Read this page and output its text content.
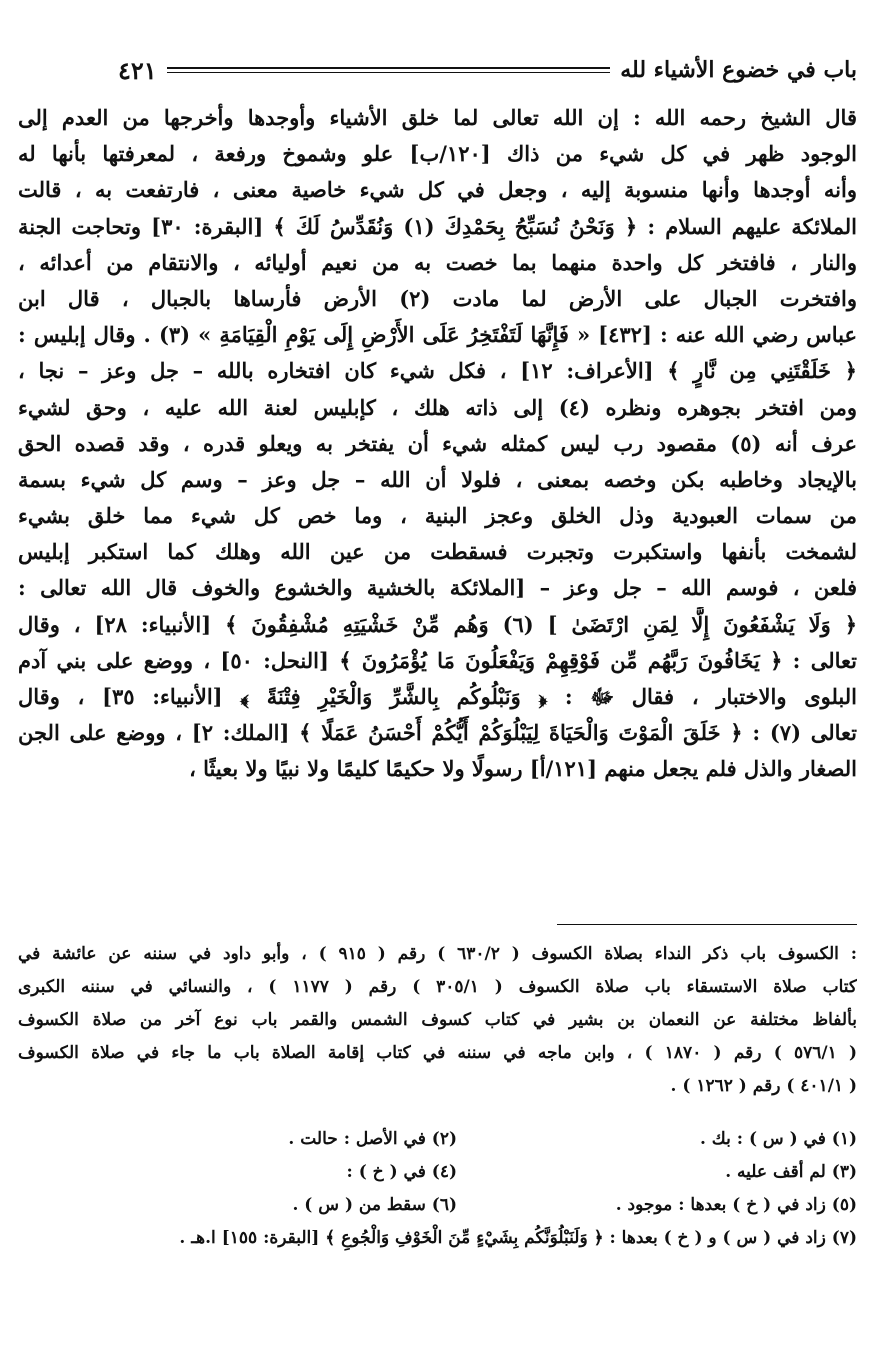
باب في خضوع الأشياء لله
٤٢١
قال الشيخ رحمه الله : إن الله تعالى لما خلق الأشياء وأوجدها وأخرجها من العدم إلى
الوجود ظهر في كل شيء من ذاك [١٢٠/ب] علو وشموخ ورفعة ، لمعرفتها بأنها له
وأنه أوجدها وأنها منسوبة إليه ، وجعل في كل شيء خاصية معنى ، فارتفعت به ، قالت
الملائكة عليهم السلام : ﴿ وَنَحْنُ نُسَبِّحُ بِحَمْدِكَ (١) وَنُقَدِّسُ لَكَ ﴾ [البقرة: ٣٠] وتحاجت الجنة
والنار ، فافتخر كل واحدة منهما بما خصت به من نعيم أوليائه ، والانتقام من أعدائه ،
وافتخرت الجبال على الأرض لما مادت (٢) الأرض فأرساها بالجبال ، قال ابن
عباس رضي الله عنه : [٤٣٢] « فَإِنَّهَا لَتَفْتَخِرُ عَلَى الأَرْضِ إِلَى يَوْمِ الْقِيَامَةِ » (٣) . وقال إبليس :
﴿ خَلَقْتَنِي مِن نَّارٍ ﴾ [الأعراف: ١٢] ، فكل شيء كان افتخاره بالله – جل وعز – نجا ،
ومن افتخر بجوهره ونظره (٤) إلى ذاته هلك ، كإبليس لعنة الله عليه ، وحق لشيء
عرف أنه (٥) مقصود رب ليس كمثله شيء أن يفتخر به ويعلو قدره ، وقد قصده الحق
بالإيجاد وخاطبه بكن وخصه بمعنى ، فلولا أن الله – جل وعز – وسم كل شيء بسمة
من سمات العبودية وذل الخلق وعجز البنية ، وما خص كل شيء مما خلق بشيء
لشمخت بأنفها واستكبرت وتجبرت فسقطت من عين الله وهلك كما استكبر إبليس
فلعن ، فوسم الله – جل وعز – [الملائكة بالخشية والخشوع والخوف قال الله تعالى :
﴿ وَلَا يَشْفَعُونَ إِلَّا لِمَنِ ارْتَضَىٰ ] (٦) وَهُم مِّنْ خَشْيَتِهِ مُشْفِقُونَ ﴾ [الأنبياء: ٢٨] ، وقال
تعالى : ﴿ يَخَافُونَ رَبَّهُم مِّن فَوْقِهِمْ وَيَفْعَلُونَ مَا يُؤْمَرُونَ ﴾ [النحل: ٥٠] ، ووضع على بني آدم
البلوى والاختبار ، فقال ﷻ : ﴿ وَنَبْلُوكُم بِالشَّرِّ وَالْخَيْرِ فِتْنَةً ﴾ [الأنبياء: ٣٥] ، وقال
تعالى (٧) : ﴿ خَلَقَ الْمَوْتَ وَالْحَيَاةَ لِيَبْلُوَكُمْ أَيُّكُمْ أَحْسَنُ عَمَلًا ﴾ [الملك: ٢] ، ووضع على الجن
الصغار والذل فلم يجعل منهم [١٢١/أ] رسولًا ولا حكيمًا كليمًا ولا نبيًا ولا بعيثًا ،
: الكسوف باب ذكر النداء بصلاة الكسوف ( ٦٣٠/٢ ) رقم ( ٩١٥ ) ، وأبو داود في سننه عن عائشة في
كتاب صلاة الاستسقاء باب صلاة الكسوف ( ٣٠٥/١ ) رقم ( ١١٧٧ ) ، والنسائي في سننه الكبرى
بألفاظ مختلفة عن النعمان بن بشير في كتاب كسوف الشمس والقمر باب نوع آخر من صلاة الكسوف
( ٥٧٦/١ ) رقم ( ١٨٧٠ ) ، وابن ماجه في سننه في كتاب إقامة الصلاة باب ما جاء في صلاة الكسوف
( ٤٠١/١ ) رقم ( ١٢٦٢ ) .
(١) في ( س ) : بك .
(٢) في الأصل : حالت .
(٣) لم أقف عليه .
(٤) في ( خ ) :
(٥) زاد في ( خ ) بعدها : موجود .
(٦) سقط من ( س ) .
(٧) زاد في ( س ) و ( خ ) بعدها : ﴿ وَلَنَبْلُوَنَّكُم بِشَيْءٍ مِّنَ الْخَوْفِ وَالْجُوعِ ﴾ [البقرة: ١٥٥] ا.هـ .
